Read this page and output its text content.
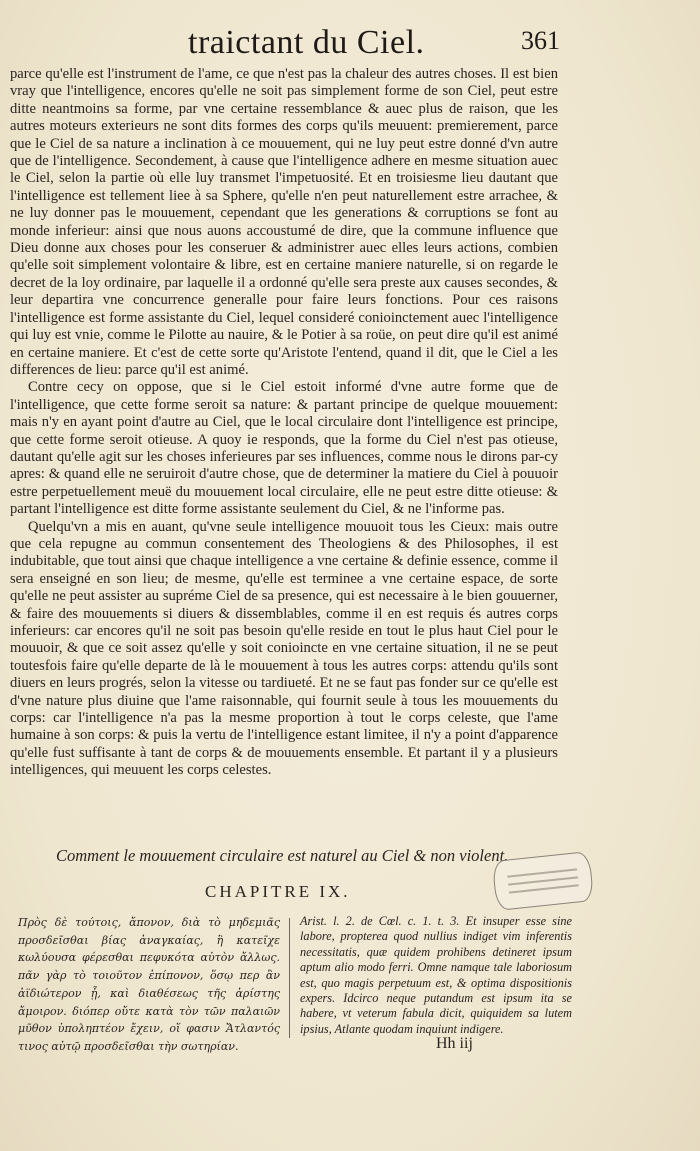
traictant du Ciel.	361

parce qu'elle est l'instrument de l'ame, ce que n'est pas la chaleur des autres choses. Il est bien vray que l'intelligence, encores qu'elle ne soit pas simplement forme de son Ciel, peut estre ditte neantmoins sa forme, par vne certaine ressemblance & auec plus de raison, que les autres moteurs exterieurs ne sont dits formes des corps qu'ils meuuent: premierement, parce que le Ciel de sa nature a inclination à ce mouuement, qui ne luy peut estre donné d'vn autre que de l'intelligence. Secondement, à cause que l'intelligence adhere en mesme situation auec le Ciel, selon la partie où elle luy transmet l'impetuosité. Et en troisiesme lieu dautant que l'intelligence est tellement liee à sa Sphere, qu'elle n'en peut naturellement estre arrachee, & ne luy donner pas le mouuement, cependant que les generations & corruptions se font au monde inferieur: ainsi que nous auons accoustumé de dire, que la commune influence que Dieu donne aux choses pour les conseruer & administrer auec elles leurs actions, combien qu'elle soit simplement volontaire & libre, est en certaine maniere naturelle, si on regarde le decret de la loy ordinaire, par laquelle il a ordonné qu'elle sera preste aux causes secondes, & leur departira vne concurrence generalle pour faire leurs fonctions. Pour ces raisons l'intelligence est forme assistante du Ciel, lequel consideré conioinctement auec l'intelligence qui luy est vnie, comme le Pilotte au nauire, & le Potier à sa roüe, on peut dire qu'il est animé en certaine maniere. Et c'est de cette sorte qu'Aristote l'entend, quand il dit, que le Ciel a les differences de lieu: parce qu'il est animé.

Contre cecy on oppose, que si le Ciel estoit informé d'vne autre forme que de l'intelligence, que cette forme seroit sa nature: & partant principe de quelque mouuement: mais n'y en ayant point d'autre au Ciel, que le local circulaire dont l'intelligence est principe, que cette forme seroit otieuse. A quoy ie responds, que la forme du Ciel n'est pas otieuse, dautant qu'elle agit sur les choses inferieures par ses influences, comme nous le dirons par-cy apres: & quand elle ne seruiroit d'autre chose, que de determiner la matiere du Ciel à pouuoir estre perpetuellement meuë du mouuement local circulaire, elle ne peut estre ditte otieuse: & partant l'intelligence est ditte forme assistante seulement du Ciel, & ne l'informe pas.

Quelqu'vn a mis en auant, qu'vne seule intelligence mouuoit tous les Cieux: mais outre que cela repugne au commun consentement des Theologiens & des Philosophes, il est indubitable, que tout ainsi que chaque intelligence a vne certaine & definie essence, comme il sera enseigné en son lieu; de mesme, qu'elle est terminee a vne certaine espace, de sorte qu'elle ne peut assister au supréme Ciel de sa presence, qui est necessaire à le bien gouuerner, & faire des mouuements si diuers & dissemblables, comme il en est requis és autres corps inferieurs: car encores qu'il ne soit pas besoin qu'elle reside en tout le plus haut Ciel pour le mouuoir, & que ce soit assez qu'elle y soit conioincte en vne certaine situation, il ne se peut toutesfois faire qu'elle departe de là le mouuement à tous les autres corps: attendu qu'ils sont diuers en leurs progrés, selon la vitesse ou tardiueté. Et ne se faut pas fonder sur ce qu'elle est d'vne nature plus diuine que l'ame raisonnable, qui fournit seule à tous les mouuements du corps: car l'intelligence n'a pas la mesme proportion à tout le corps celeste, que l'ame humaine à son corps: & puis la vertu de l'intelligence estant limitee, il n'y a point d'apparence qu'elle fust suffisante à tant de corps & de mouuements ensemble. Et partant il y a plusieurs intelligences, qui meuuent les corps celestes.

Comment le mouuement circulaire est naturel au Ciel & non violent.
CHAPITRE IX.

Πρὸς δὲ τούτοις, ἄπονον, διὰ τὸ μηδεμιᾶς προσδεῖσθαι βίας ἀναγκαίας, ἣ κατεῖχε κωλύουσα φέρεσθαι πεφυκότα αὐτὸν ἄλλως. πᾶν γὰρ τὸ τοιοῦτον ἐπίπονον, ὅσῳ περ ἂν ἀϊδιώτερον ᾖ, καὶ διαθέσεως τῆς ἀρίστης ἄμοιρον. διόπερ οὔτε κατὰ τὸν τῶν παλαιῶν μῦθον ὑποληπτέον ἔχειν, οἵ φασιν Ἄτλαντός τινος αὐτῷ προσδεῖσθαι τὴν σωτηρίαν.

Arist. l. 2. de Cœl. c. 1. t. 3. Et insuper esse sine labore, propterea quod nullius indiget vim inferentis necessitatis, quæ quidem prohibens detineret ipsum aptum alio modo ferri. Omne namque tale laboriosum est, quo magis perpetuum est, & optima dispositionis expers. Idcirco neque putandum est ipsum ita se habere, vt veterum fabula dicit, quiquidem sa lutem ipsius, Atlante quodam inquiunt indigere.

Hh iij
